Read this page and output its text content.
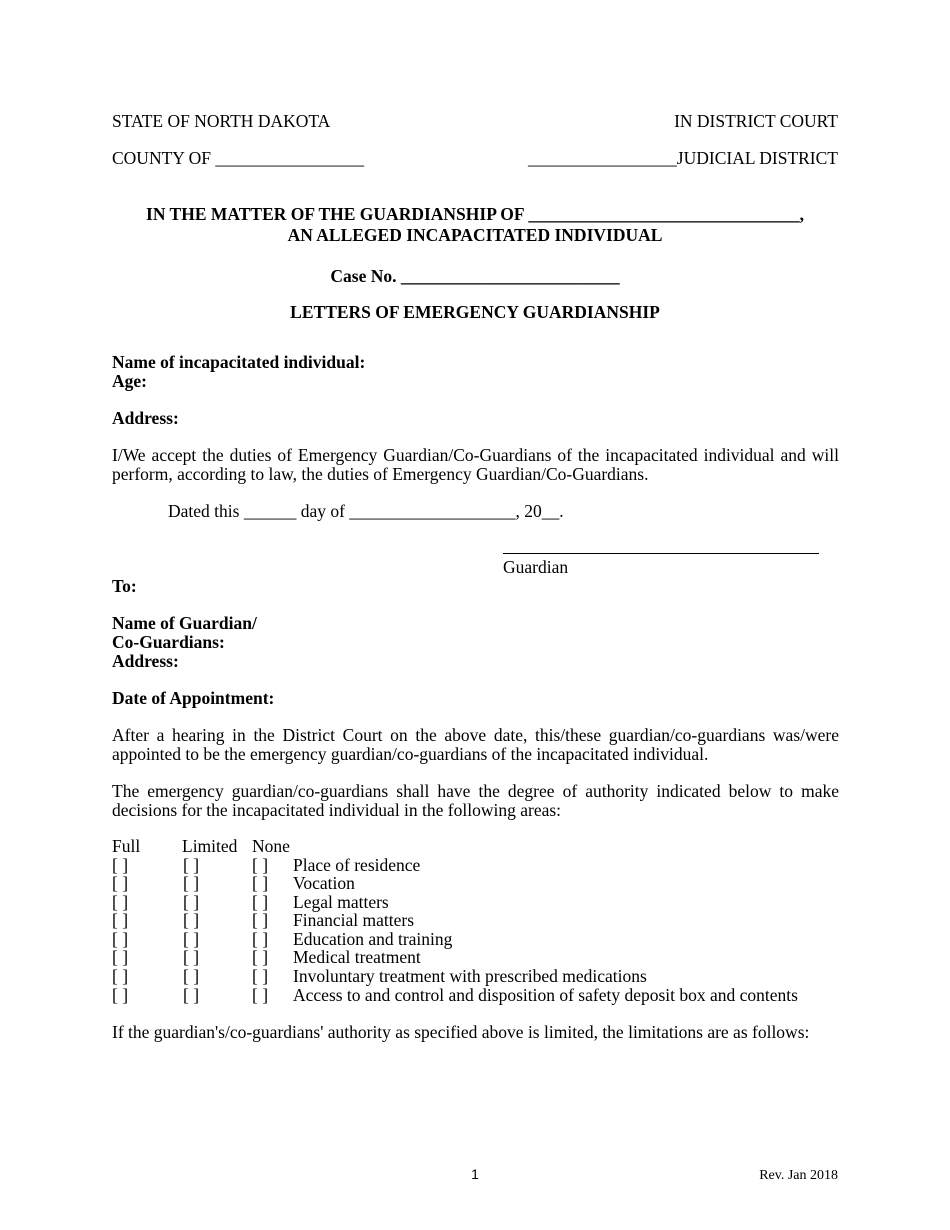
STATE OF NORTH DAKOTA	IN DISTRICT COURT
COUNTY OF _________________	_________________JUDICIAL DISTRICT
IN THE MATTER OF THE GUARDIANSHIP OF _______________________________,
AN ALLEGED INCAPACITATED INDIVIDUAL
Case No. _________________________
LETTERS OF EMERGENCY GUARDIANSHIP
Name of incapacitated individual:
Age:
Address:
I/We accept the duties of Emergency Guardian/Co-Guardians of the incapacitated individual and will perform, according to law, the duties of Emergency Guardian/Co-Guardians.
Dated this ______ day of ___________________, 20__.
Guardian
To:
Name of Guardian/
Co-Guardians:
Address:
Date of Appointment:
After a hearing in the District Court on the above date, this/these guardian/co-guardians was/were appointed to be the emergency guardian/co-guardians of the incapacitated individual.
The emergency guardian/co-guardians shall have the degree of authority indicated below to make decisions for the incapacitated individual in the following areas:
Full Limited None
[ ]	[ ]	[ ] Place of residence
[ ]	[ ]	[ ] Vocation
[ ]	[ ]	[ ] Legal matters
[ ]	[ ]	[ ] Financial matters
[ ]	[ ]	[ ] Education and training
[ ]	[ ]	[ ] Medical treatment
[ ]	[ ]	[ ] Involuntary treatment with prescribed medications
[ ]	[ ]	[ ] Access to and control and disposition of safety deposit box and contents
If the guardian's/co-guardians' authority as specified above is limited, the limitations are as follows:
1	Rev. Jan 2018
